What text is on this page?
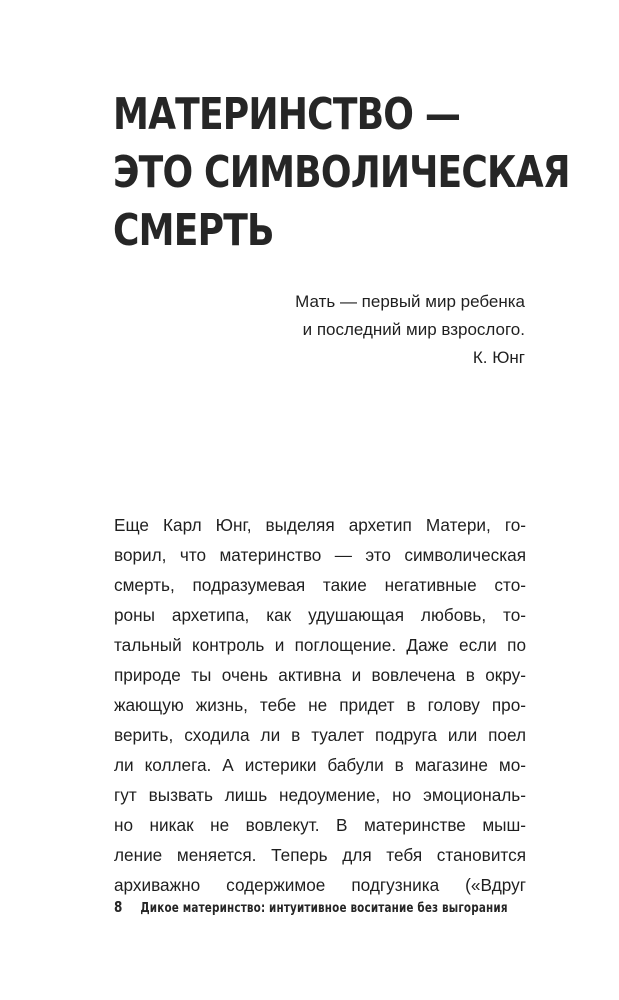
МАТЕРИНСТВО —
ЭТО СИМВОЛИЧЕСКАЯ
СМЕРТЬ
Мать — первый мир ребенка
и последний мир взрослого.
К. Юнг
Еще Карл Юнг, выделяя архетип Матери, го-
ворил, что материнство — это символическая
смерть, подразумевая такие негативные сто-
роны архетипа, как удушающая любовь, то-
тальный контроль и поглощение. Даже если по
природе ты очень активна и вовлечена в окру-
жающую жизнь, тебе не придет в голову про-
верить, сходила ли в туалет подруга или поел
ли коллега. А истерики бабули в магазине мо-
гут вызвать лишь недоумение, но эмоциональ-
но никак не вовлекут. В материнстве мыш-
ление меняется. Теперь для тебя становится
архиважно содержимое подгузника («Вдруг
8 Дикое материнство: интуитивное воситание без выгорания
